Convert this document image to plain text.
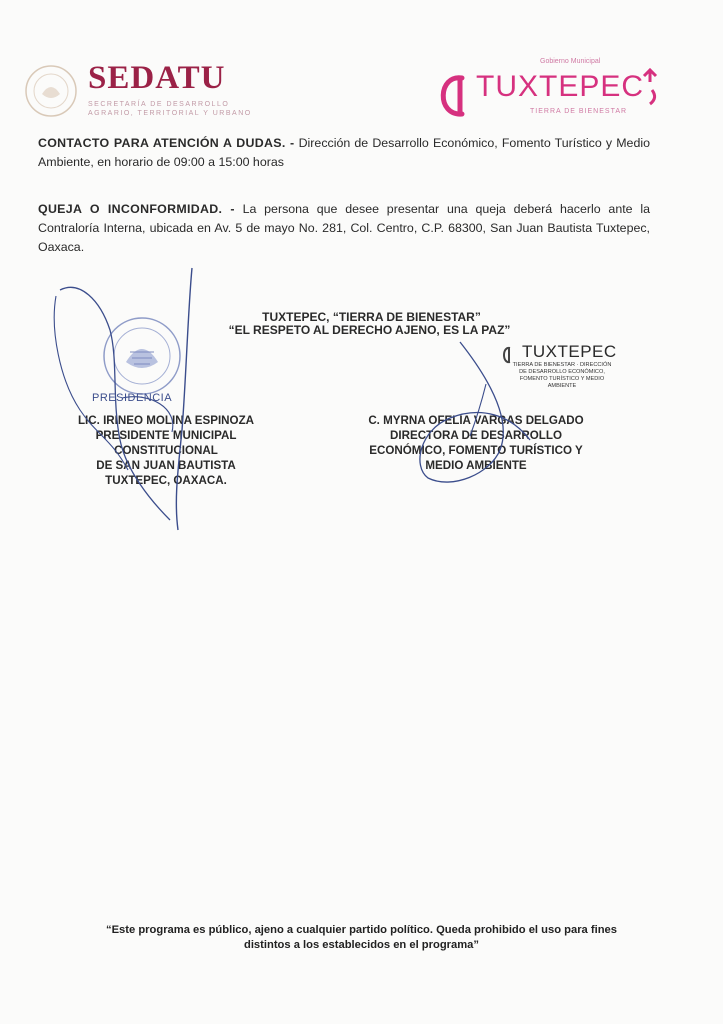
SEDATU
SECRETARÍA DE DESARROLLO AGRARIO, TERRITORIAL Y URBANO
Gobierno Municipal
TUXTEPEC
TIERRA DE BIENESTAR
CONTACTO PARA ATENCIÓN A DUDAS. - Dirección de Desarrollo Económico, Fomento Turístico y Medio Ambiente, en horario de 09:00 a 15:00 horas
QUEJA O INCONFORMIDAD. - La persona que desee presentar una queja deberá hacerlo ante la Contraloría Interna, ubicada en Av. 5 de mayo No. 281, Col. Centro, C.P. 68300, San Juan Bautista Tuxtepec, Oaxaca.
TUXTEPEC, “TIERRA DE BIENESTAR”
“EL RESPETO AL DERECHO AJENO, ES LA PAZ”
PRESIDENCIA
TUXTEPEC
TIERRA DE BIENESTAR · DIRECCIÓN DE DESARROLLO ECONÓMICO, FOMENTO TURÍSTICO Y MEDIO AMBIENTE
LIC. IRINEO MOLINA ESPINOZA
PRESIDENTE MUNICIPAL
CONSTITUCIONAL
DE SAN JUAN BAUTISTA
TUXTEPEC, OAXACA.
C. MYRNA OFELIA VARGAS DELGADO
DIRECTORA DE DESARROLLO
ECONÓMICO, FOMENTO TURÍSTICO Y
MEDIO AMBIENTE
“Este programa es público, ajeno a cualquier partido político. Queda prohibido el uso para fines
distintos a los establecidos en el programa”
